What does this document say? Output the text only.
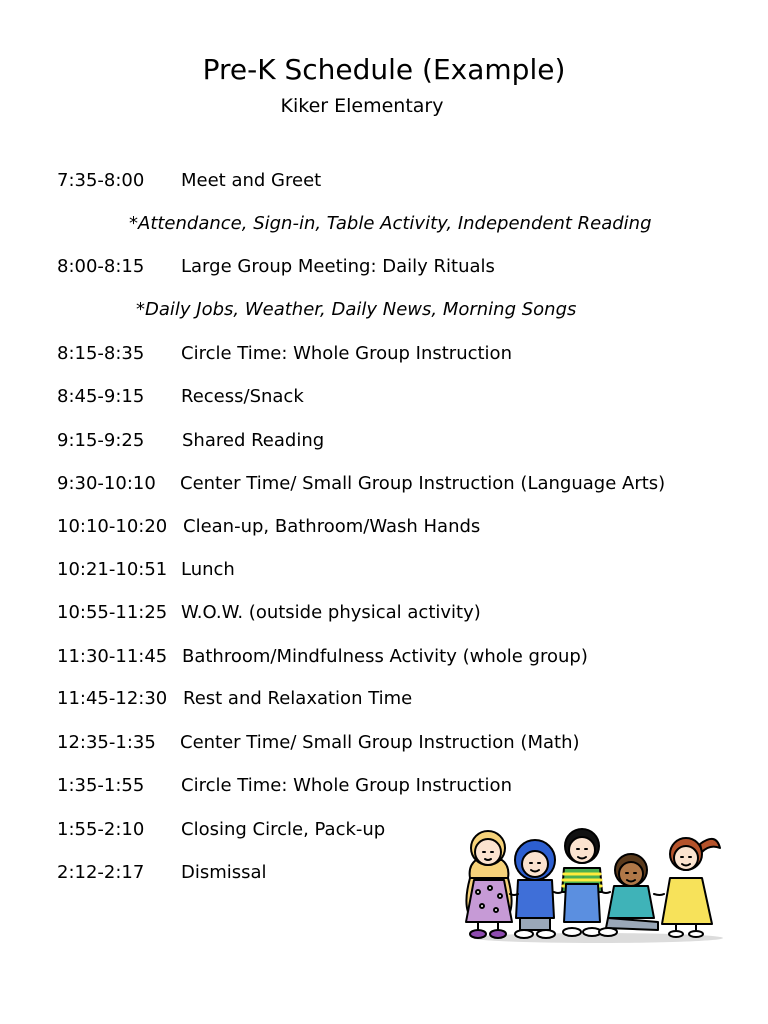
Pre-K Schedule (Example)
Kiker Elementary
7:35-8:00 Meet and Greet
*Attendance, Sign-in, Table Activity, Independent Reading
8:00-8:15 Large Group Meeting: Daily Rituals
*Daily Jobs, Weather, Daily News, Morning Songs
8:15-8:35 Circle Time: Whole Group Instruction
8:45-9:15 Recess/Snack
9:15-9:25 Shared Reading
9:30-10:10 Center Time/ Small Group Instruction (Language Arts)
10:10-10:20 Clean-up, Bathroom/Wash Hands
10:21-10:51 Lunch
10:55-11:25 W.O.W. (outside physical activity)
11:30-11:45 Bathroom/Mindfulness Activity (whole group)
11:45-12:30 Rest and Relaxation Time
12:35-1:35 Center Time/ Small Group Instruction (Math)
1:35-1:55 Circle Time: Whole Group Instruction
1:55-2:10 Closing Circle, Pack-up
2:12-2:17 Dismissal
